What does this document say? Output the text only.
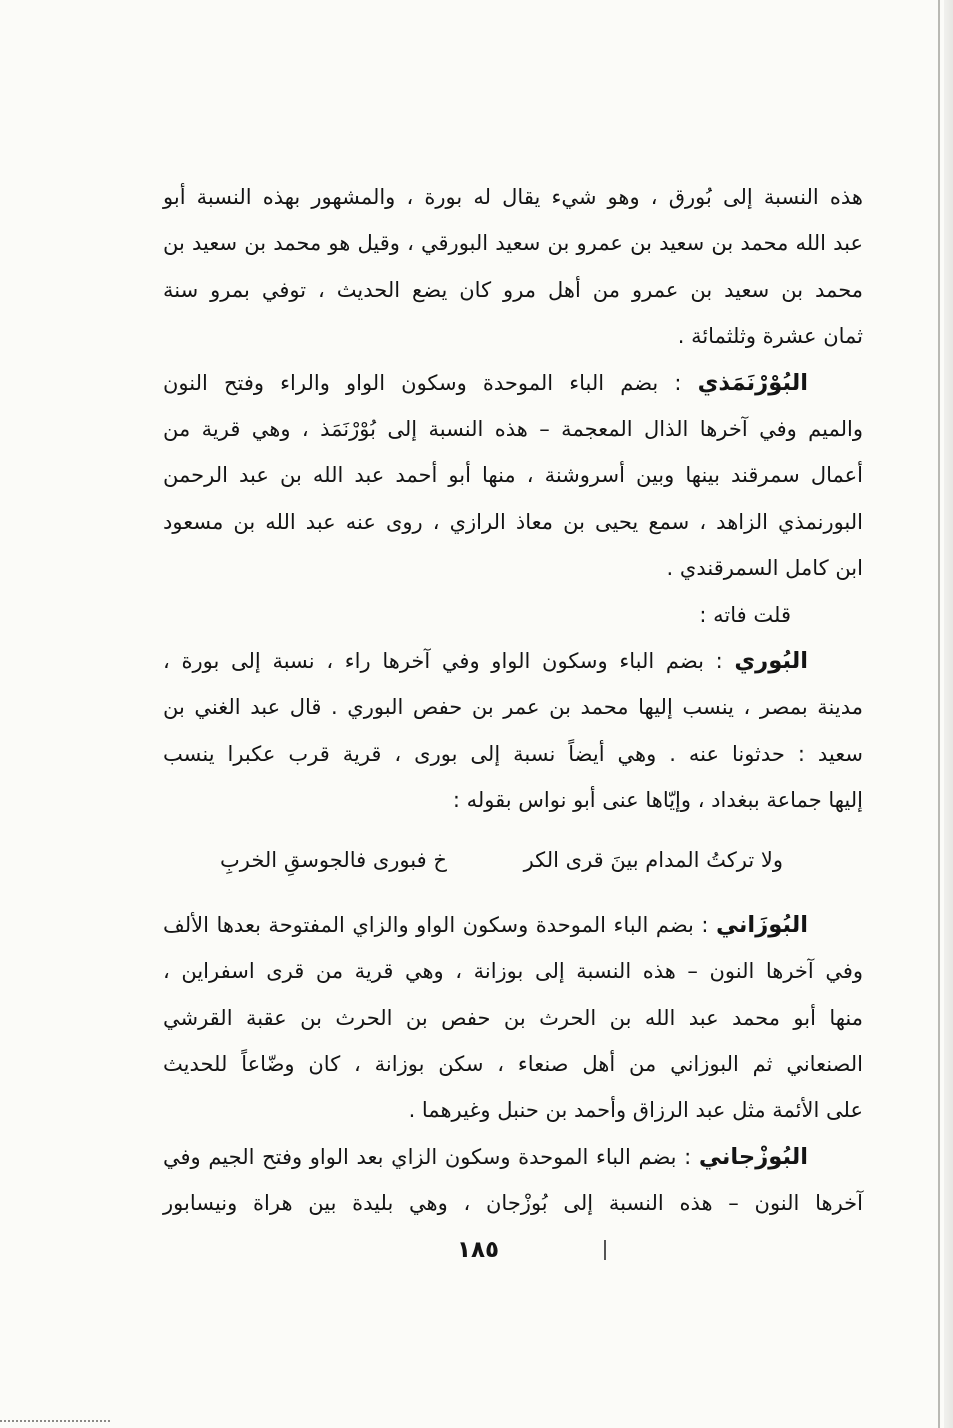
هذه النسبة إلى بُورق ، وهو شيء يقال له بورة ، والمشهور بهذه النسبة أبو
عبد الله محمد بن سعيد بن عمرو بن سعيد البورقي ، وقيل هو محمد بن سعيد بن
محمد بن سعيد بن عمرو من أهل مرو كان يضع الحديث ، توفي بمرو سنة
ثمان عشرة وثلثمائة .
البُوْرْنَمَذي : بضم الباء الموحدة وسكون الواو والراء وفتح النون
والميم وفي آخرها الذال المعجمة – هذه النسبة إلى بُوْرْنَمَذ ، وهي قرية من
أعمال سمرقند بينها وبين أسروشنة ، منها أبو أحمد عبد الله بن عبد الرحمن
البورنمذي الزاهد ، سمع يحيى بن معاذ الرازي ، روى عنه عبد الله بن مسعود
ابن كامل السمرقندي .
قلت فاته :
البُوري : بضم الباء وسكون الواو وفي آخرها راء ، نسبة إلى بورة ،
مدينة بمصر ، ينسب إليها محمد بن عمر بن حفص البوري . قال عبد الغني بن
سعيد : حدثونا عنه . وهي أيضاً نسبة إلى بورى ، قرية قرب عكبرا ينسب
إليها جماعة ببغداد ، وإيّاها عنى أبو نواس بقوله :
ولا تركتُ المدام بينَ قرى الكر
خ فبورى فالجوسقِ الخربِ
البُوزَاني : بضم الباء الموحدة وسكون الواو والزاي المفتوحة بعدها الألف
وفي آخرها النون – هذه النسبة إلى بوزانة ، وهي قرية من قرى اسفراين ،
منها أبو محمد عبد الله بن الحرث بن حفص بن الحرث بن عقبة القرشي
الصنعاني ثم البوزاني من أهل صنعاء ، سكن بوزانة ، كان وضّاعاً للحديث
على الأئمة مثل عبد الرزاق وأحمد بن حنبل وغيرهما .
البُوزْجاني : بضم الباء الموحدة وسكون الزاي بعد الواو وفتح الجيم وفي
آخرها النون – هذه النسبة إلى بُوزْجان ، وهي بليدة بين هراة ونيسابور
١٨٥
